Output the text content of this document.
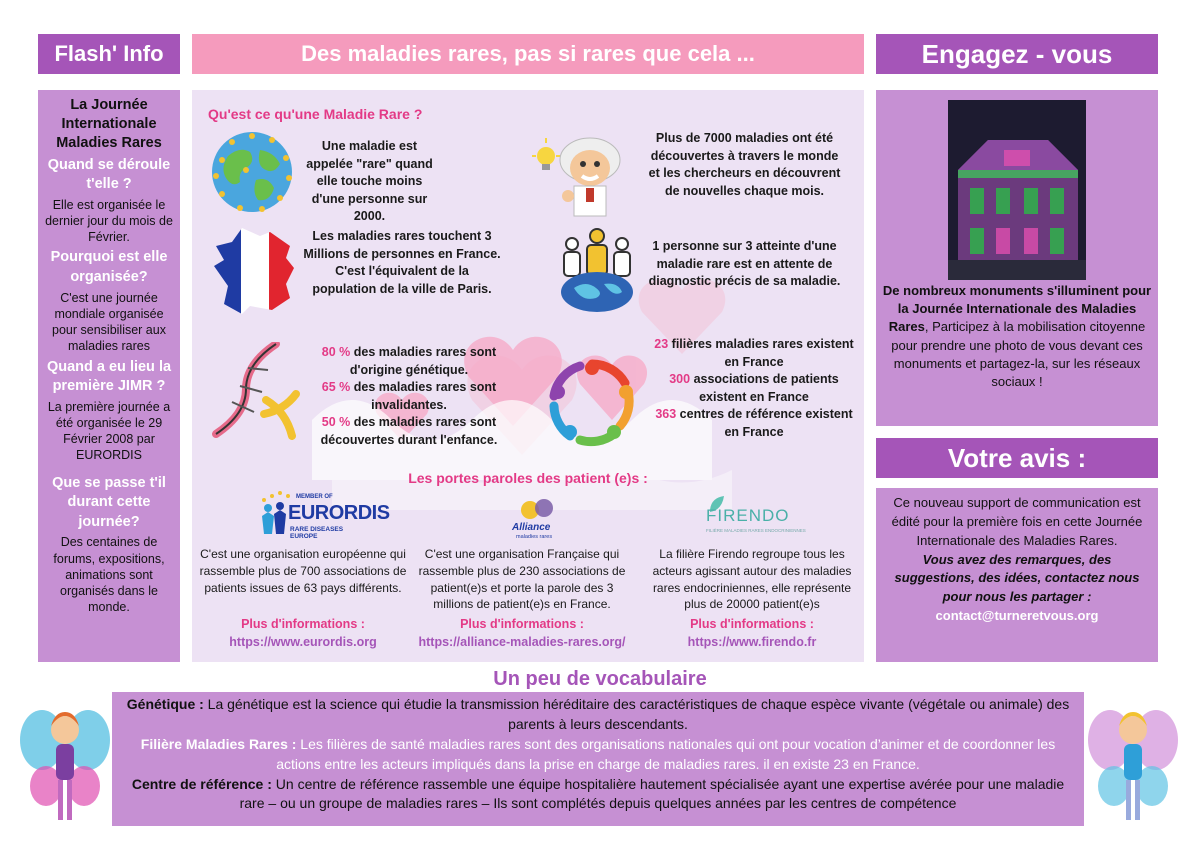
Flash' Info	Des maladies rares, pas si rares que cela ...	Engagez - vous
Votre avis :
La Journée Internationale Maladies Rares
Quand se déroule t'elle ?
Elle est organisée le dernier jour du mois de Février.
Pourquoi est elle organisée?
C'est une journée mondiale organisée pour sensibiliser aux maladies rares
Quand a eu lieu la première JIMR ?
La première journée a été organisée le 29 Février 2008 par EURORDIS
Que se passe t'il durant cette journée?
Des centaines de forums, expositions, animations sont organisés dans le monde.
Qu'est ce qu'une Maladie Rare ?
Une maladie est appelée "rare" quand elle touche moins d'une personne sur 2000.
Plus de 7000 maladies ont été découvertes à travers le monde et les chercheurs en découvrent de nouvelles chaque mois.
Les maladies rares touchent 3 Millions de personnes en France. C'est l'équivalent de la population de la ville de Paris.
1 personne sur 3 atteinte d'une maladie rare est en attente de diagnostic précis de sa maladie.
80 % des maladies rares sont d'origine génétique.
65 % des maladies rares sont invalidantes.
50 % des maladies rares sont découvertes durant l'enfance.
23 filières maladies rares existent en France
300 associations de patients existent en France
363 centres de référence existent en France
Les portes paroles des patient (e)s :
MEMBER OF
EURORDIS
RARE DISEASES EUROPE
C'est une organisation européenne qui rassemble plus de 700 associations de patients issues de 63 pays différents.
Plus d'informations :
https://www.eurordis.org
Alliance
maladies rares
C'est une organisation Française qui rassemble plus de 230 associations de patient(e)s et porte la parole des 3 millions de patient(e)s en France.
Plus d'informations :
https://alliance-maladies-rares.org/
FIRENDO
FILIÈRE MALADIES RARES ENDOCRINIENNES
La filière Firendo regroupe tous les acteurs agissant autour des maladies rares endocriniennes, elle représente plus de 20000 patient(e)s
Plus d'informations :
https://www.firendo.fr
De nombreux monuments s'illuminent pour la Journée Internationale des Maladies Rares, Participez à la mobilisation citoyenne pour prendre une photo de vous devant ces monuments et partagez-la, sur les réseaux sociaux !
Ce nouveau support de communication est édité pour la première fois en cette Journée Internationale des Maladies Rares.
Vous avez des remarques, des suggestions, des idées, contactez nous pour nous les partager :
contact@turneretvous.org
Un peu de vocabulaire
Génétique : La génétique est la science qui étudie la transmission héréditaire des caractéristiques de chaque espèce vivante (végétale ou animale) des parents à leurs descendants.
Filière Maladies Rares : Les filières de santé maladies rares sont des organisations nationales qui ont pour vocation d’animer et de coordonner les actions entre les acteurs impliqués dans la prise en charge de maladies rares. il en existe 23 en France.
Centre de référence : Un centre de référence rassemble une équipe hospitalière hautement spécialisée ayant une expertise avérée pour une maladie rare – ou un groupe de maladies rares – Ils sont complétés depuis quelques années par les centres de compétence
